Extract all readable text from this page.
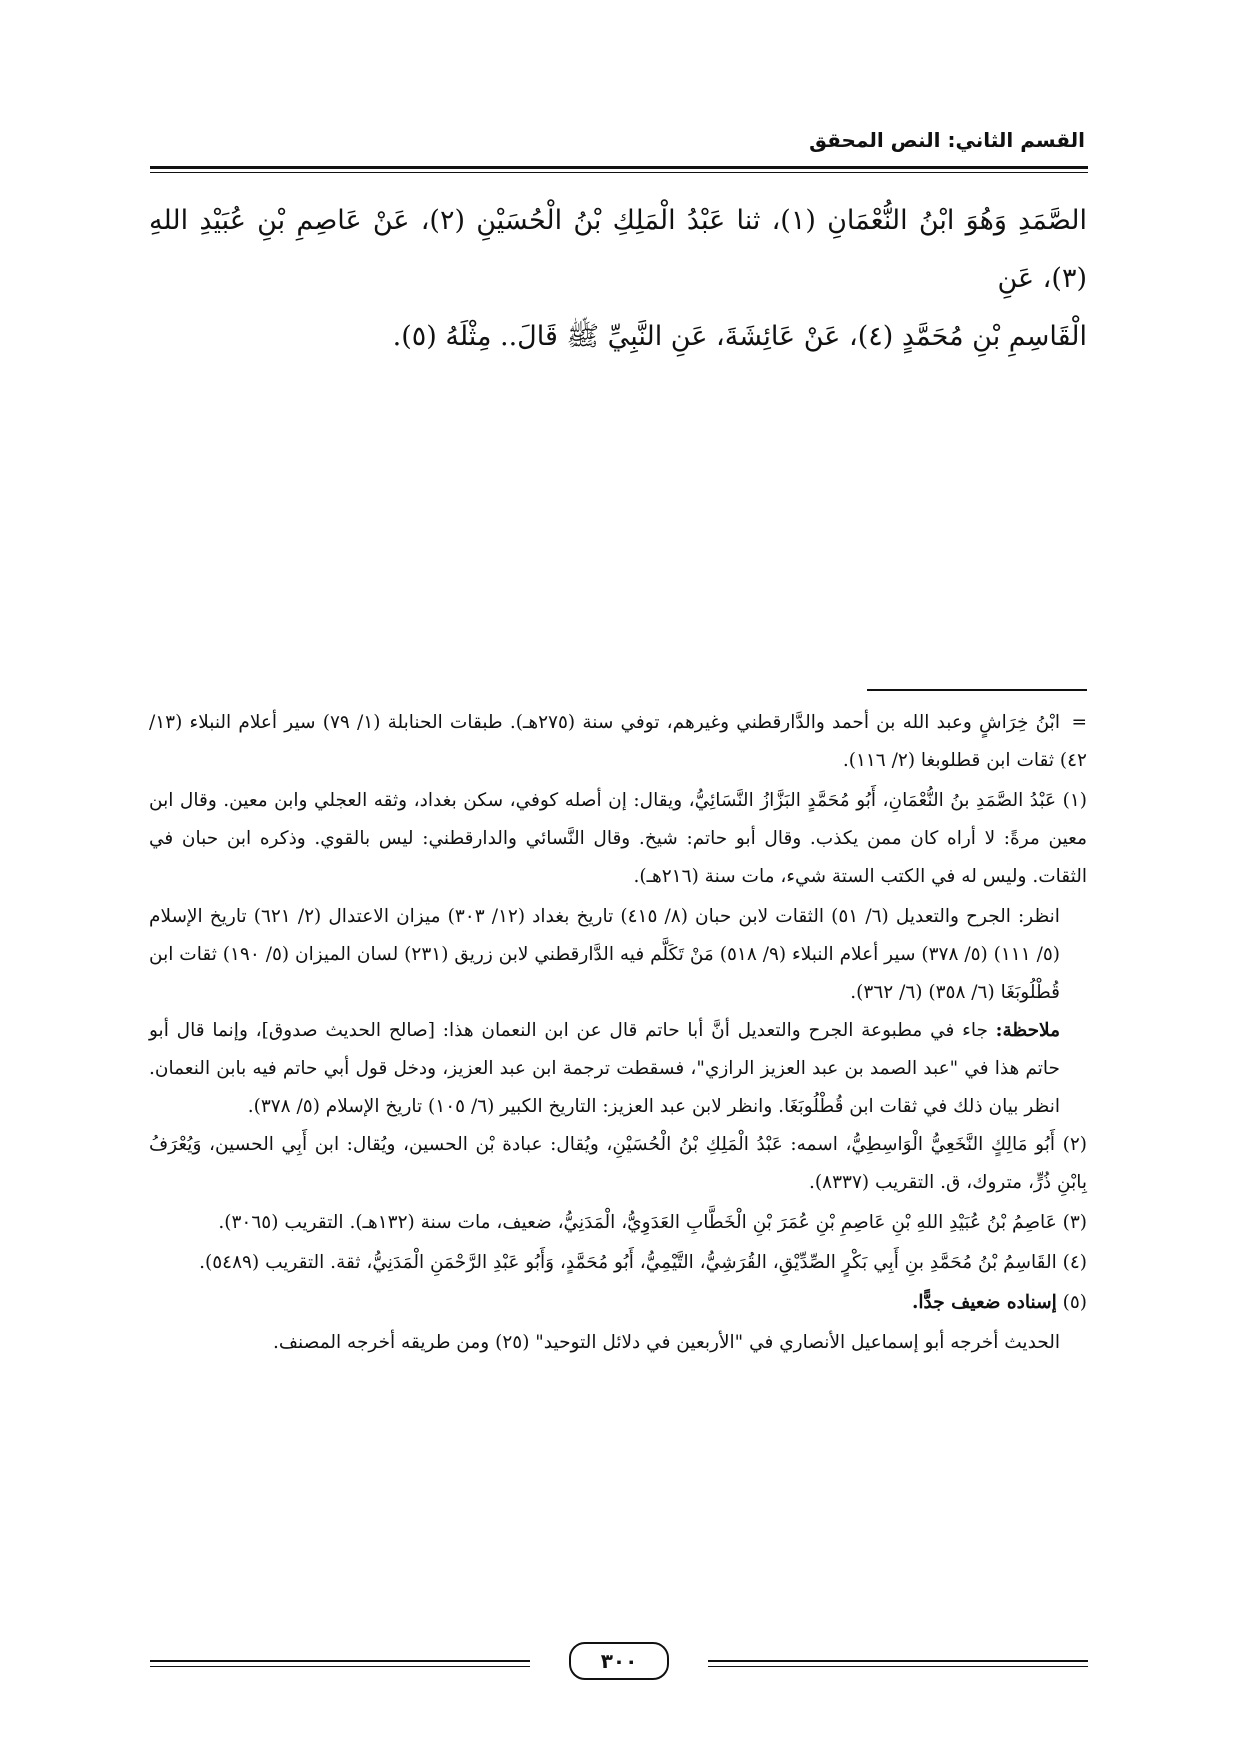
القسم الثاني: النص المحقق

الصَّمَدِ وَهُوَ ابْنُ النُّعْمَانِ (١)، ثنا عَبْدُ الْمَلِكِ بْنُ الْحُسَيْنِ (٢)، عَنْ عَاصِمِ بْنِ عُبَيْدِ اللهِ (٣)، عَنِ

الْقَاسِمِ بْنِ مُحَمَّدٍ (٤)، عَنْ عَائِشَةَ، عَنِ النَّبِيِّ ﷺ قَالَ.. مِثْلَهُ (٥).

=ابْنُ خِرَاشٍ وعبد الله بن أحمد والدَّارقطني وغيرهم، توفي سنة (٢٧٥هـ). طبقات الحنابلة (١/ ٧٩) سير أعلام النبلاء (١٣/ ٤٢) ثقات ابن قطلوبغا (٢/ ١١٦).

(١) عَبْدُ الصَّمَدِ بنُ النُّعْمَانِ، أَبُو مُحَمَّدٍ البَزَّازُ النَّسَائِيُّ، ويقال: إن أصله كوفي، سكن بغداد، وثقه العجلي وابن معين. وقال ابن معين مرةً: لا أراه كان ممن يكذب. وقال أبو حاتم: شيخ. وقال النَّسائي والدارقطني: ليس بالقوي. وذكره ابن حبان في الثقات. وليس له في الكتب الستة شيء، مات سنة (٢١٦هـ).

انظر: الجرح والتعديل (٦/ ٥١) الثقات لابن حبان (٨/ ٤١٥) تاريخ بغداد (١٢/ ٣٠٣) ميزان الاعتدال (٢/ ٦٢١) تاريخ الإسلام (٥/ ١١١) (٥/ ٣٧٨) سير أعلام النبلاء (٩/ ٥١٨) مَنْ تَكَلَّم فيه الدَّارقطني لابن زريق (٢٣١) لسان الميزان (٥/ ١٩٠) ثقات ابن قُطْلُوبَغَا (٦/ ٣٥٨) (٦/ ٣٦٢).

ملاحظة: جاء في مطبوعة الجرح والتعديل أنَّ أبا حاتم قال عن ابن النعمان هذا: [صالح الحديث صدوق]، وإنما قال أبو حاتم هذا في "عبد الصمد بن عبد العزيز الرازي"، فسقطت ترجمة ابن عبد العزيز، ودخل قول أبي حاتم فيه بابن النعمان. انظر بيان ذلك في ثقات ابن قُطْلُوبَغَا. وانظر لابن عبد العزيز: التاريخ الكبير (٦/ ١٠٥) تاريخ الإسلام (٥/ ٣٧٨).

(٢) أَبُو مَالِكٍ النَّخَعِيُّ الْوَاسِطِيُّ، اسمه: عَبْدُ الْمَلِكِ بْنُ الْحُسَيْنِ، ويُقال: عبادة بْن الحسين، ويُقال: ابن أَبِي الحسين، وَيُعْرَفُ بِابْنِ ذُرٍّ، متروك، ق. التقريب (٨٣٣٧).

(٣) عَاصِمُ بْنُ عُبَيْدِ اللهِ بْنِ عَاصِمِ بْنِ عُمَرَ بْنِ الْخَطَّابِ العَدَوِيُّ، الْمَدَنِيُّ، ضعيف، مات سنة (١٣٢هـ). التقريب (٣٠٦٥).

(٤) القَاسِمُ بْنُ مُحَمَّدِ بنِ أَبِي بَكْرٍ الصِّدِّيْقِ، القُرَشِيُّ، التَّيْمِيُّ، أَبُو مُحَمَّدٍ، وَأَبُو عَبْدِ الرَّحْمَنِ الْمَدَنِيُّ، ثقة. التقريب (٥٤٨٩).

(٥) إسناده ضعيف جدًّا.

الحديث أخرجه أبو إسماعيل الأنصاري في "الأربعين في دلائل التوحيد" (٢٥) ومن طريقه أخرجه المصنف.

٣٠٠
